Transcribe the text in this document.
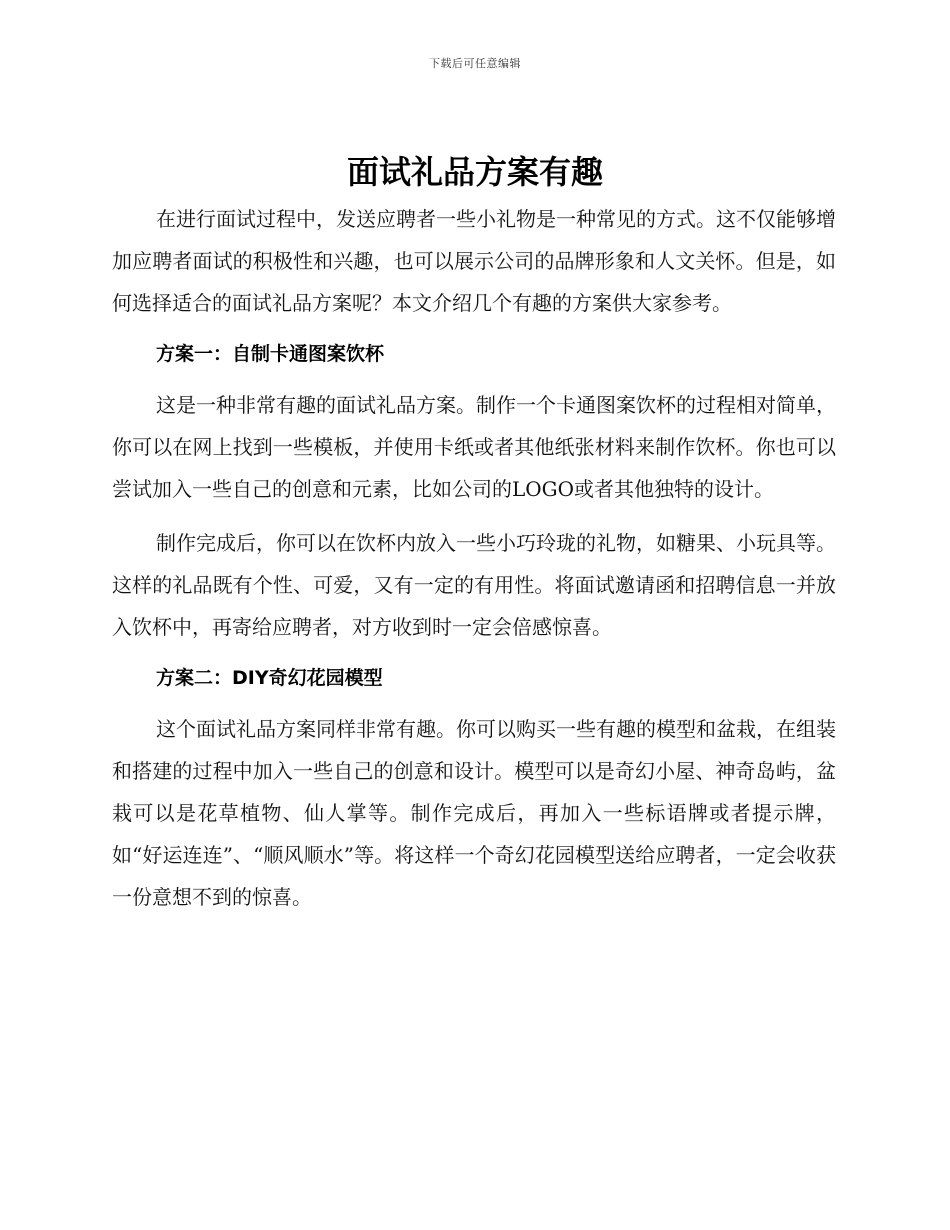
下载后可任意编辑
面试礼品方案有趣

在进行面试过程中，发送应聘者一些小礼物是一种常见的方式。这不仅能够增加应聘者面试的积极性和兴趣，也可以展示公司的品牌形象和人文关怀。但是，如何选择适合的面试礼品方案呢？本文介绍几个有趣的方案供大家参考。

方案一：自制卡通图案饮杯

这是一种非常有趣的面试礼品方案。制作一个卡通图案饮杯的过程相对简单，你可以在网上找到一些模板，并使用卡纸或者其他纸张材料来制作饮杯。你也可以尝试加入一些自己的创意和元素，比如公司的LOGO或者其他独特的设计。

制作完成后，你可以在饮杯内放入一些小巧玲珑的礼物，如糖果、小玩具等。这样的礼品既有个性、可爱，又有一定的有用性。将面试邀请函和招聘信息一并放入饮杯中，再寄给应聘者，对方收到时一定会倍感惊喜。

方案二：DIY奇幻花园模型

这个面试礼品方案同样非常有趣。你可以购买一些有趣的模型和盆栽，在组装和搭建的过程中加入一些自己的创意和设计。模型可以是奇幻小屋、神奇岛屿，盆栽可以是花草植物、仙人掌等。制作完成后，再加入一些标语牌或者提示牌，如“好运连连”、“顺风顺水”等。将这样一个奇幻花园模型送给应聘者，一定会收获一份意想不到的惊喜。
